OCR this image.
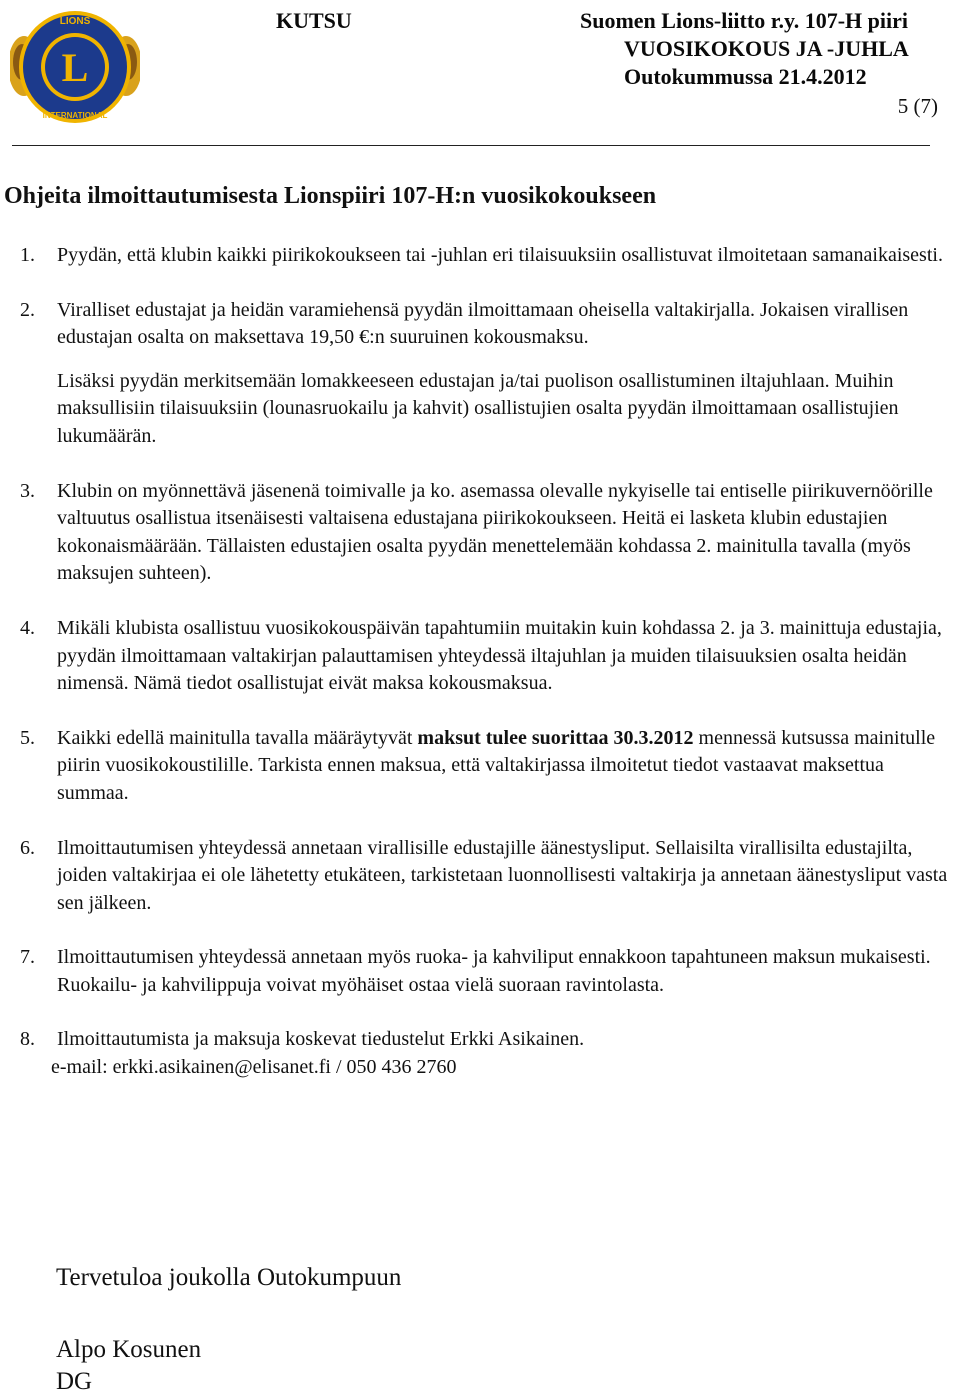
L
LIONS
INTERNATIONAL
KUTSU	Suomen Lions-liitto r.y. 107-H piiri
VUOSIKOKOUS JA -JUHLA
Outokummussa 21.4.2012
5 (7)
Ohjeita ilmoittautumisesta Lionspiiri 107-H:n vuosikokoukseen
1.	Pyydän, että klubin kaikki piirikokoukseen tai -juhlan eri tilaisuuksiin osallistuvat ilmoitetaan samanaikaisesti.
2.	Viralliset edustajat ja heidän varamiehensä pyydän ilmoittamaan oheisella valtakirjalla. Jokaisen virallisen edustajan osalta on maksettava 19,50 €:n suuruinen kokousmaksu.
Lisäksi pyydän merkitsemään lomakkeeseen edustajan ja/tai puolison osallistuminen iltajuhlaan. Muihin maksullisiin tilaisuuksiin (lounasruokailu ja kahvit) osallistujien osalta pyydän ilmoittamaan osallistujien lukumäärän.
3.	Klubin on myönnettävä jäsenenä toimivalle ja ko. asemassa olevalle nykyiselle tai entiselle piirikuvernöörille valtuutus osallistua itsenäisesti valtaisena edustajana piirikokoukseen. Heitä ei lasketa klubin edustajien kokonaismäärään. Tällaisten edustajien osalta pyydän menettelemään kohdassa 2. mainitulla tavalla (myös maksujen suhteen).
4.	Mikäli klubista osallistuu vuosikokouspäivän tapahtumiin muitakin kuin kohdassa 2. ja 3. mainittuja edustajia, pyydän ilmoittamaan valtakirjan palauttamisen yhteydessä iltajuhlan ja muiden tilaisuuksien osalta heidän nimensä. Nämä tiedot osallistujat eivät maksa kokousmaksua.
5.	Kaikki edellä mainitulla tavalla määräytyvät maksut tulee suorittaa 30.3.2012 mennessä kutsussa mainitulle piirin vuosikokoustilille. Tarkista ennen maksua, että valtakirjassa ilmoitetut tiedot vastaavat maksettua summaa.
6.	Ilmoittautumisen yhteydessä annetaan virallisille edustajille äänestysliput. Sellaisilta virallisilta edustajilta, joiden valtakirjaa ei ole lähetetty etukäteen, tarkistetaan luonnollisesti valtakirja ja annetaan äänestysliput vasta sen jälkeen.
7.	Ilmoittautumisen yhteydessä annetaan myös ruoka- ja kahviliput ennakkoon tapahtuneen maksun mukaisesti. Ruokailu- ja kahvilippuja voivat myöhäiset ostaa vielä suoraan ravintolasta.
8.	Ilmoittautumista ja maksuja koskevat tiedustelut Erkki Asikainen.
e-mail: erkki.asikainen@elisanet.fi / 050 436 2760
Tervetuloa joukolla Outokumpuun
Alpo Kosunen
DG
